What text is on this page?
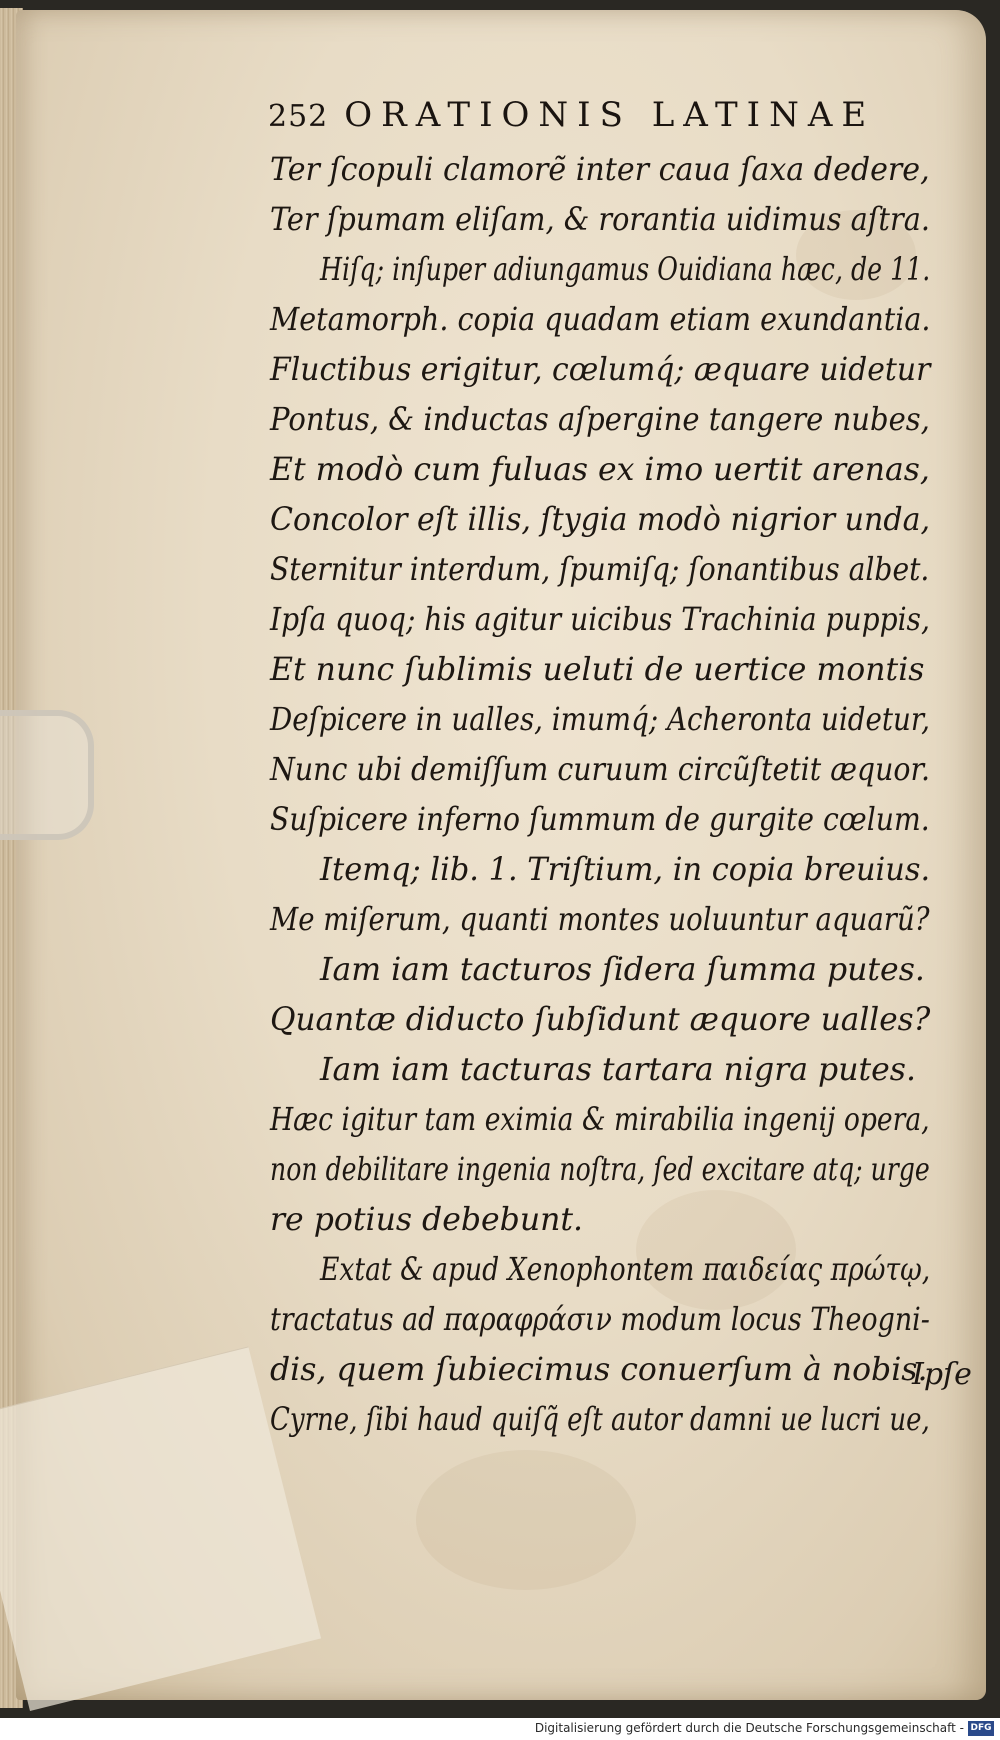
252 ORATIONIS LATINAE
Ter ſcopuli clamorẽ inter caua ſaxa dedere,
Ter ſpumam eliſam, & rorantia uidimus aſtra.
Hiſq; inſuper adiungamus Ouidiana hæc, de 11.
Metamorph. copia quadam etiam exundantia.
Fluctibus erigitur, cœlumq́; æquare uidetur
Pontus, & inductas aſpergine tangere nubes,
Et modò cum fuluas ex imo uertit arenas,
Concolor eſt illis, ſtygia modò nigrior unda,
Sternitur interdum, ſpumiſq; ſonantibus albet.
Ipſa quoq; his agitur uicibus Trachinia puppis,
Et nunc ſublimis ueluti de uertice montis
Deſpicere in ualles, imumq́; Acheronta uidetur,
Nunc ubi demiſſum curuum circũſtetit æquor.
Suſpicere inferno ſummum de gurgite cœlum.
Itemq; lib. 1. Triſtium, in copia breuius.
Me miſerum, quanti montes uoluuntur aquarũ?
Iam iam tacturos ſidera ſumma putes.
Quantæ diducto ſubſidunt æquore ualles?
Iam iam tacturas tartara nigra putes.
Hæc igitur tam eximia & mirabilia ingenij opera,
non debilitare ingenia noſtra, ſed excitare atq; urge
re potius debebunt.
Extat & apud Xenophontem παιδείας πρώτῳ,
tractatus ad παραφράσιν modum locus Theogni-
dis, quem ſubiecimus conuerſum à nobis.
Cyrne, ſibi haud quiſq̃ eſt autor damni ue lucri ue,
Ipſe
Digitalisierung gefördert durch die Deutsche Forschungsgemeinschaft - DFG
